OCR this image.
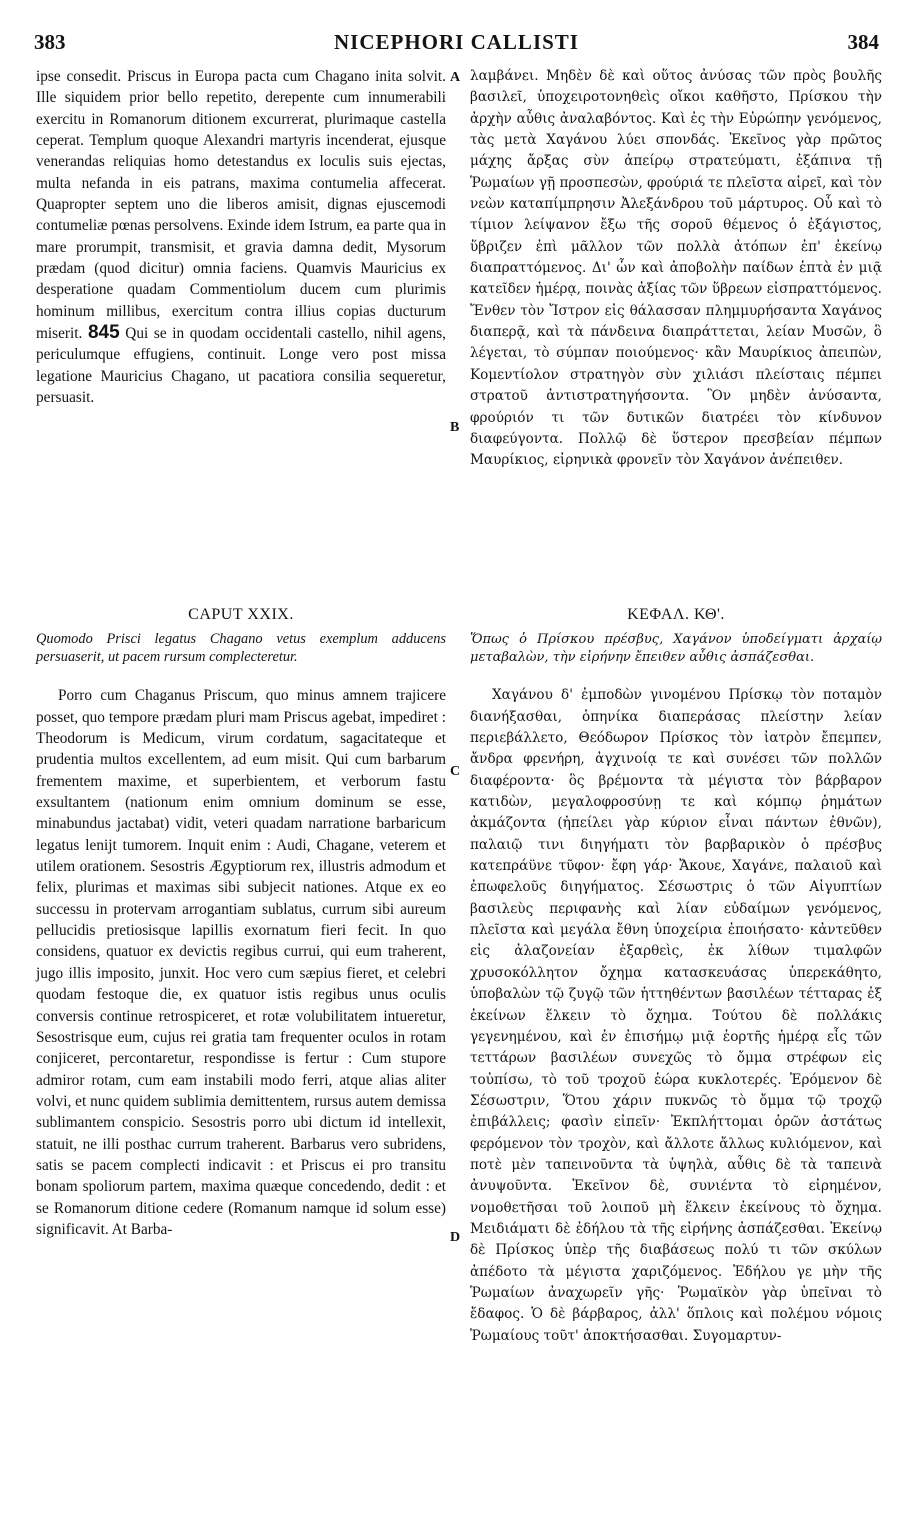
383	NICEPHORI CALLISTI	384
A
B
C
D

ipse consedit. Priscus in Europa pacta cum Chagano inita solvit. Ille siquidem prior bello repetito, derepente cum innumerabili exercitu in Romanorum ditionem excurrerat, plurimaque castella ceperat. Templum quoque Alexandri martyris incenderat, ejusque venerandas reliquias homo detestandus ex loculis suis ejectas, multa nefanda in eis patrans, maxima contumelia affecerat. Quapropter septem uno die liberos amisit, dignas ejuscemodi contumeliæ pœnas persolvens. Exinde idem Istrum, ea parte qua in mare prorumpit, transmisit, et gravia damna dedit, Mysorum prædam (quod dicitur) omnia faciens. Quamvis Mauricius ex desperatione quadam Commentiolum ducem cum plurimis hominum millibus, exercitum contra illius copias ducturum miserit. 845 Qui se in quodam occidentali castello, nihil agens, periculumque effugiens, continuit. Longe vero post missa legatione Mauricius Chagano, ut pacatiora consilia sequeretur, persuasit.

CAPUT XXIX.

Quomodo Prisci legatus Chagano vetus exemplum adducens persuaserit, ut pacem rursum complecteretur.

Porro cum Chaganus Priscum, quo minus amnem trajicere posset, quo tempore prædam pluri mam Priscus agebat, impediret : Theodorum is Medicum, virum cordatum, sagacitateque et prudentia multos excellentem, ad eum misit. Qui cum barbarum frementem maxime, et superbientem, et verborum fastu exsultantem (nationum enim omnium dominum se esse, minabundus jactabat) vidit, veteri quadam narratione barbaricum legatus lenijt tumorem. Inquit enim : Audi, Chagane, veterem et utilem orationem. Sesostris Ægyptiorum rex, illustris admodum et felix, plurimas et maximas sibi subjecit nationes. Atque ex eo successu in protervam arrogantiam sublatus, currum sibi aureum pellucidis pretiosisque lapillis exornatum fieri fecit. In quo considens, quatuor ex devictis regibus currui, qui eum traherent, jugo illis imposito, junxit. Hoc vero cum sæpius fieret, et celebri quodam festoque die, ex quatuor istis regibus unus oculis conversis continue retrospiceret, et rotæ volubilitatem intueretur, Sesostrisque eum, cujus rei gratia tam frequenter oculos in rotam conjiceret, percontaretur, respondisse is fertur : Cum stupore admiror rotam, cum eam instabili modo ferri, atque alias aliter volvi, et nunc quidem sublimia demittentem, rursus autem demissa sublimantem conspicio. Sesostris porro ubi dictum id intellexit, statuit, ne illi posthac currum traherent. Barbarus vero subridens, satis se pacem complecti indicavit : et Priscus ei pro transitu bonam spoliorum partem, maxima quæque concedendo, dedit : et se Romanorum ditione cedere (Romanum namque id solum esse) significavit. At Barba-

λαμβάνει. Μηδὲν δὲ καὶ οὕτος ἀνύσας τῶν πρὸς βουλῆς βασιλεῖ, ὑποχειροτονηθεὶς οἴκοι καθῆστο, Πρίσκου τὴν ἀρχὴν αὖθις ἀναλαβόντος. Καὶ ἐς τὴν Εὐρώπην γενόμενος, τὰς μετὰ Χαγάνου λύει σπονδάς. Ἐκεῖνος γὰρ πρῶτος μάχης ἄρξας σὺν ἀπείρῳ στρατεύματι, ἐξάπινα τῇ Ῥωμαίων γῇ προσπεσὼν, φρούριά τε πλεῖστα αἱρεῖ, καὶ τὸν νεὼν καταπίμπρησιν Ἀλεξάνδρου τοῦ μάρτυρος. Οὗ καὶ τὸ τίμιον λείψανον ἔξω τῆς σοροῦ θέμενος ὁ ἐξάγιστος, ὕβριζεν ἐπὶ μᾶλλον τῶν πολλὰ ἀτόπων ἐπ' ἐκείνῳ διαπραττόμενος. Δι' ὧν καὶ ἀποβολὴν παίδων ἑπτὰ ἐν μιᾷ κατεῖδεν ἡμέρᾳ, ποινὰς ἀξίας τῶν ὕβρεων εἰσπραττόμενος. Ἔνθεν τὸν Ἴστρον εἰς θάλασσαν πλημμυρήσαντα Χαγάνος διαπερᾷ, καὶ τὰ πάνδεινα διαπράττεται, λείαν Μυσῶν, ὃ λέγεται, τὸ σύμπαν ποιούμενος· κἂν Μαυρίκιος ἀπειπὼν, Κομεντίολον στρατηγὸν σὺν χιλιάσι πλείσταις πέμπει στρατοῦ ἀντιστρατηγήσοντα. Ὃν μηδὲν ἀνύσαντα, φρούριόν τι τῶν δυτικῶν διατρέει τὸν κίνδυνον διαφεύγοντα. Πολλῷ δὲ ὕστερον πρεσβείαν πέμπων Μαυρίκιος, εἰρηνικὰ φρονεῖν τὸν Χαγάνον ἀνέπειθεν.

ΚΕΦΑΛ. ΚΘ'.

Ὅπως ὁ Πρίσκου πρέσβυς, Χαγάνον ὑποδείγματι ἀρχαίῳ μεταβαλὼν, τὴν εἰρήνην ἔπειθεν αὖθις ἀσπάζεσθαι.

Χαγάνου δ' ἐμποδὼν γινομένου Πρίσκῳ τὸν ποταμὸν διανήξασθαι, ὁπηνίκα διαπεράσας πλείστην λείαν περιεβάλλετο, Θεόδωρον Πρίσκος τὸν ἰατρὸν ἔπεμπεν, ἄνδρα φρενήρη, ἀγχινοίᾳ τε καὶ συνέσει τῶν πολλῶν διαφέροντα· ὃς βρέμοντα τὰ μέγιστα τὸν βάρβαρον κατιδὼν, μεγαλοφροσύνῃ τε καὶ κόμπῳ ῥημάτων ἀκμάζοντα (ἠπείλει γὰρ κύριον εἶναι πάντων ἐθνῶν), παλαιῷ τινι διηγήματι τὸν βαρβαρικὸν ὁ πρέσβυς κατεπράϋνε τῦφον· ἔφη γάρ· Ἄκουε, Χαγάνε, παλαιοῦ καὶ ἐπωφελοῦς διηγήματος. Σέσωστρις ὁ τῶν Αἰγυπτίων βασιλεὺς περιφανὴς καὶ λίαν εὐδαίμων γενόμενος, πλεῖστα καὶ μεγάλα ἔθνη ὑποχείρια ἐποιήσατο· κἀντεῦθεν εἰς ἀλαζονείαν ἐξαρθεὶς, ἐκ λίθων τιμαλφῶν χρυσοκόλλητον ὄχημα κατασκευάσας ὑπερεκάθητο, ὑποβαλὼν τῷ ζυγῷ τῶν ἡττηθέντων βασιλέων τέτταρας ἐξ ἐκείνων ἕλκειν τὸ ὄχημα. Τούτου δὲ πολλάκις γεγενημένου, καὶ ἐν ἐπισήμῳ μιᾷ ἑορτῆς ἡμέρᾳ εἷς τῶν τεττάρων βασιλέων συνεχῶς τὸ ὄμμα στρέφων εἰς τοὐπίσω, τὸ τοῦ τροχοῦ ἑώρα κυκλοτερές. Ἐρόμενον δὲ Σέσωστριν, Ὅτου χάριν πυκνῶς τὸ ὄμμα τῷ τροχῷ ἐπιβάλλεις; φασὶν εἰπεῖν· Ἐκπλήττομαι ὁρῶν ἀστάτως φερόμενον τὸν τροχὸν, καὶ ἄλλοτε ἄλλως κυλιόμενον, καὶ ποτὲ μὲν ταπεινοῦντα τὰ ὑψηλὰ, αὖθις δὲ τὰ ταπεινὰ ἀνυψοῦντα. Ἐκεῖνον δὲ, συνιέντα τὸ εἰρημένον, νομοθετῆσαι τοῦ λοιποῦ μὴ ἕλκειν ἐκείνους τὸ ὄχημα. Μειδιάματι δὲ ἐδήλου τὰ τῆς εἰρήνης ἀσπάζεσθαι. Ἐκείνῳ δὲ Πρίσκος ὑπὲρ τῆς διαβάσεως πολύ τι τῶν σκύλων ἀπέδοτο τὰ μέγιστα χαριζόμενος. Ἐδήλου γε μὴν τῆς Ῥωμαίων ἀναχωρεῖν γῆς· Ῥωμαϊκὸν γὰρ ὑπεῖναι τὸ ἔδαφος. Ὁ δὲ βάρβαρος, ἀλλ' ὅπλοις καὶ πολέμου νόμοις Ῥωμαίους τοῦτ' ἀποκτήσασθαι. Συγομαρτυν-
